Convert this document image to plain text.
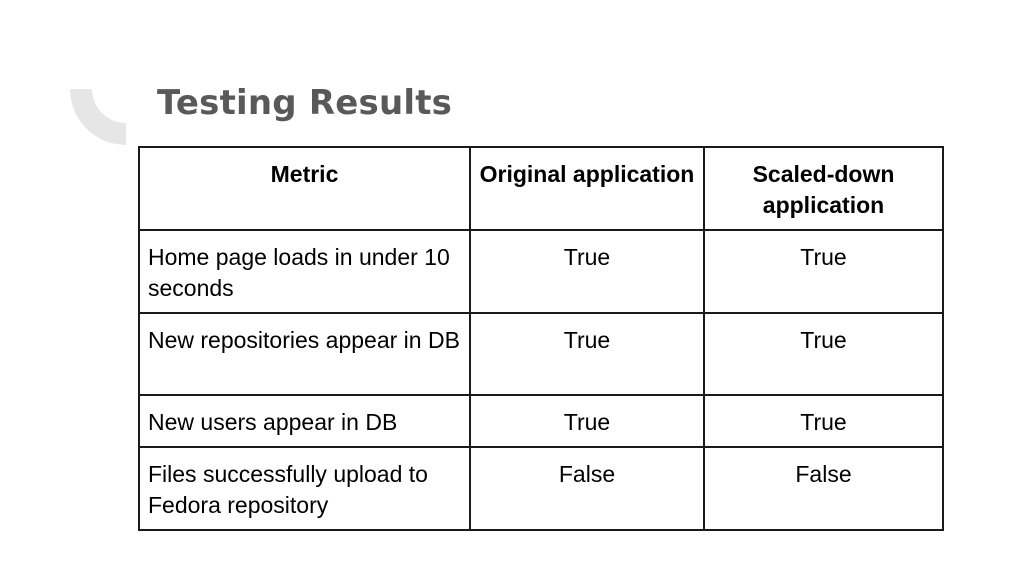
Testing Results
Metric	Original application	Scaled-down application
Home page loads in under 10 seconds	True	True
New repositories appear in DB	True	True
New users appear in DB	True	True
Files successfully upload to Fedora repository	False	False
